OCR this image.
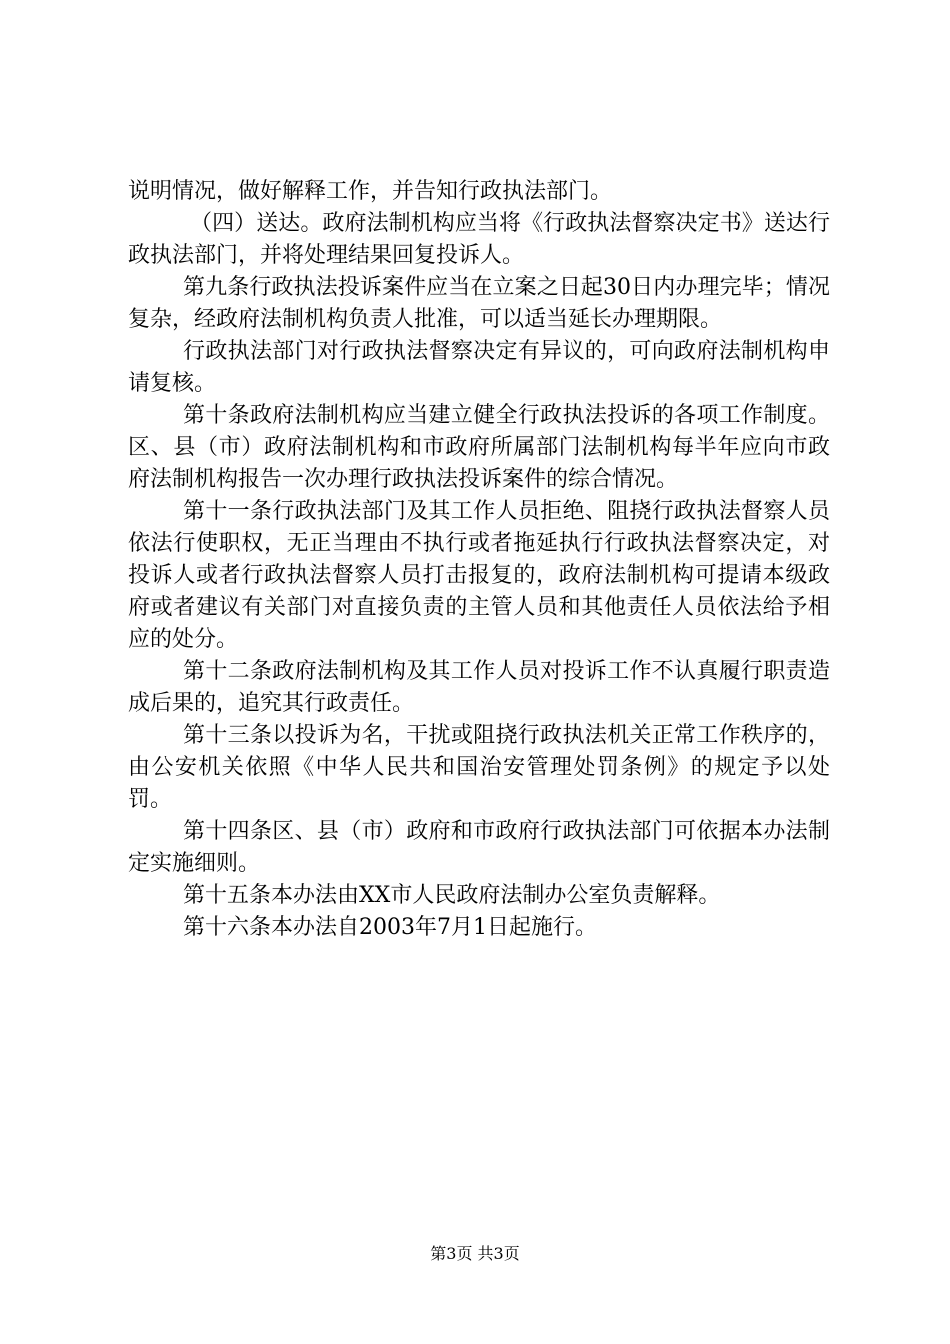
说明情况，做好解释工作，并告知行政执法部门。

（四）送达。政府法制机构应当将《行政执法督察决定书》送达行政执法部门，并将处理结果回复投诉人。

第九条行政执法投诉案件应当在立案之日起30日内办理完毕；情况复杂，经政府法制机构负责人批准，可以适当延长办理期限。

行政执法部门对行政执法督察决定有异议的，可向政府法制机构申请复核。

第十条政府法制机构应当建立健全行政执法投诉的各项工作制度。区、县（市）政府法制机构和市政府所属部门法制机构每半年应向市政府法制机构报告一次办理行政执法投诉案件的综合情况。

第十一条行政执法部门及其工作人员拒绝、阻挠行政执法督察人员依法行使职权，无正当理由不执行或者拖延执行行政执法督察决定，对投诉人或者行政执法督察人员打击报复的，政府法制机构可提请本级政府或者建议有关部门对直接负责的主管人员和其他责任人员依法给予相应的处分。

第十二条政府法制机构及其工作人员对投诉工作不认真履行职责造成后果的，追究其行政责任。

第十三条以投诉为名，干扰或阻挠行政执法机关正常工作秩序的，由公安机关依照《中华人民共和国治安管理处罚条例》的规定予以处罚。

第十四条区、县（市）政府和市政府行政执法部门可依据本办法制定实施细则。

第十五条本办法由XX市人民政府法制办公室负责解释。

第十六条本办法自2003年7月1日起施行。

第3页 共3页
